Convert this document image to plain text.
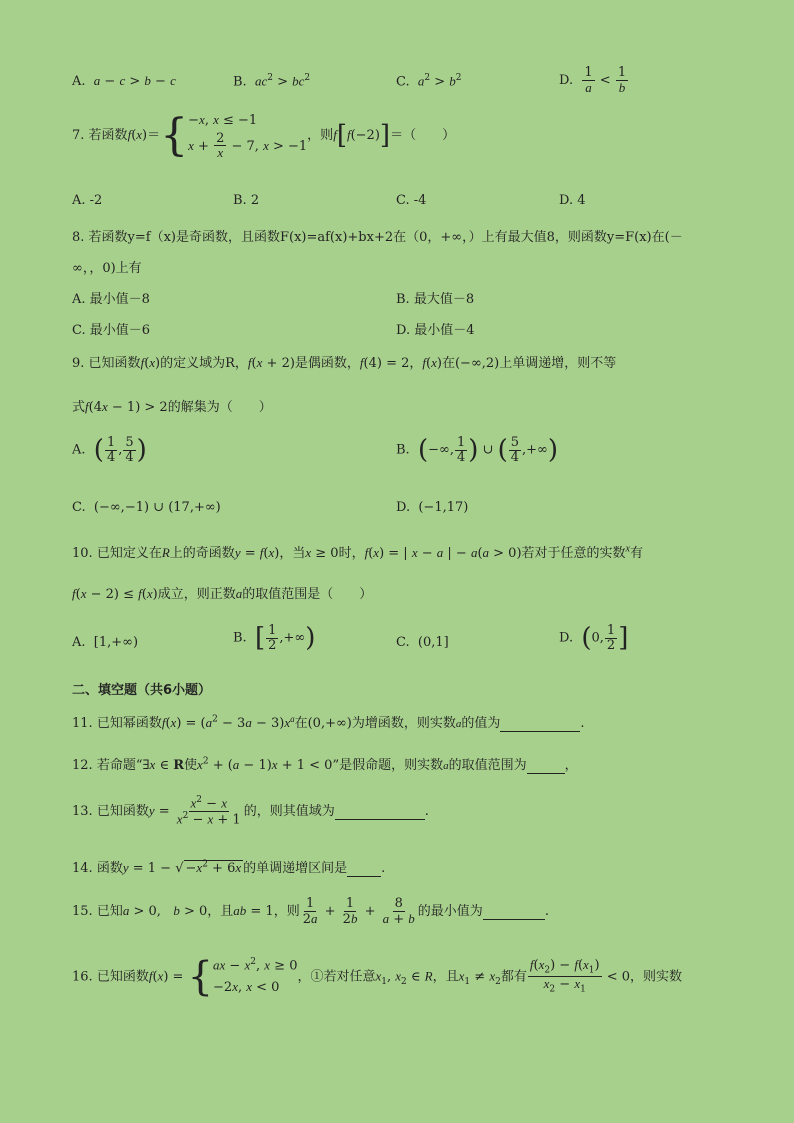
A. a − c > b − c	B. $ac^2 > bc^2$	C. $a^2 > b^2$	D. $\frac{1}{a} < \frac{1}{b}$
7. 若函数f(x)＝{ −x, x ≤ −1
$x + \frac{2}{x} - 7$, x > −1
，则f[f(−2)]＝（　　）
A. -2	B. 2	C. -4	D. 4
8. 若函数y=f（x)是奇函数，且函数F(x)=af(x)+bx+2在（0，+∞，）上有最大值8，则函数y=F(x)在(－
∞，，0)上有
A. 最小值－8	B. 最大值－8
C. 最小值－6	D. 最小值－4
9. 已知函数f(x)的定义域为R，f(x + 2)是偶函数，f(4) = 2，f(x)在(−∞,2)上单调递增，则不等
式f(4x − 1) > 2的解集为（　　）
A. ( $\frac{1}{4}$ , $\frac{5}{4}$ )	B. (−∞, $\frac{1}{4}$ ) ∪ ( $\frac{5}{4}$ ,+∞)
C.  (−∞,−1) ∪ (17,+∞)	D.  (−1,17)
10. 已知定义在R上的奇函数y = f(x)，当x ≥ 0时，f(x) = | x − a | − a(a > 0)若对于任意的实数$^x$有
f(x − 2) ≤ f(x)成立，则正数a的取值范围是（　　）
A.  [1,+∞)	B. [ $\frac{1}{2}$ ,+∞)	C.  (0,1]	D. (0, $\frac{1}{2}$ ]
二、填空题（共6小题）
11. 已知幂函数$f(x) = (a^2 - 3a - 3)x^a$在(0,+∞)为增函数，则实数a的值为	.
12. 若命题“∃x ∈ R使$x^2 + (a - 1)x + 1 < 0$”是假命题，则实数a的取值范围为	，
13. 已知函数$y = \frac{x^2 - x}{x^2 - x + 1}$ 的，则其值域为	.
14. 函数y = 1 − √ $-x^2 + 6x$ 的单调递增区间是	.
15. 已知a > 0,   b > 0，且ab = 1，则 $\frac{1}{2a} + \frac{1}{2b} + \frac{8}{a + b}$ 的最小值为	.
16. 已知函数f(x) = { ax − $x^2$, x ≥ 0
−2x, x < 0
，①若对任意$x_1$, $x_2$ ∈ R，且$x_1 \ne x_2$都有 $\frac{f(x_2) - f(x_1)}{x_2 - x_1} < 0$，则实数
